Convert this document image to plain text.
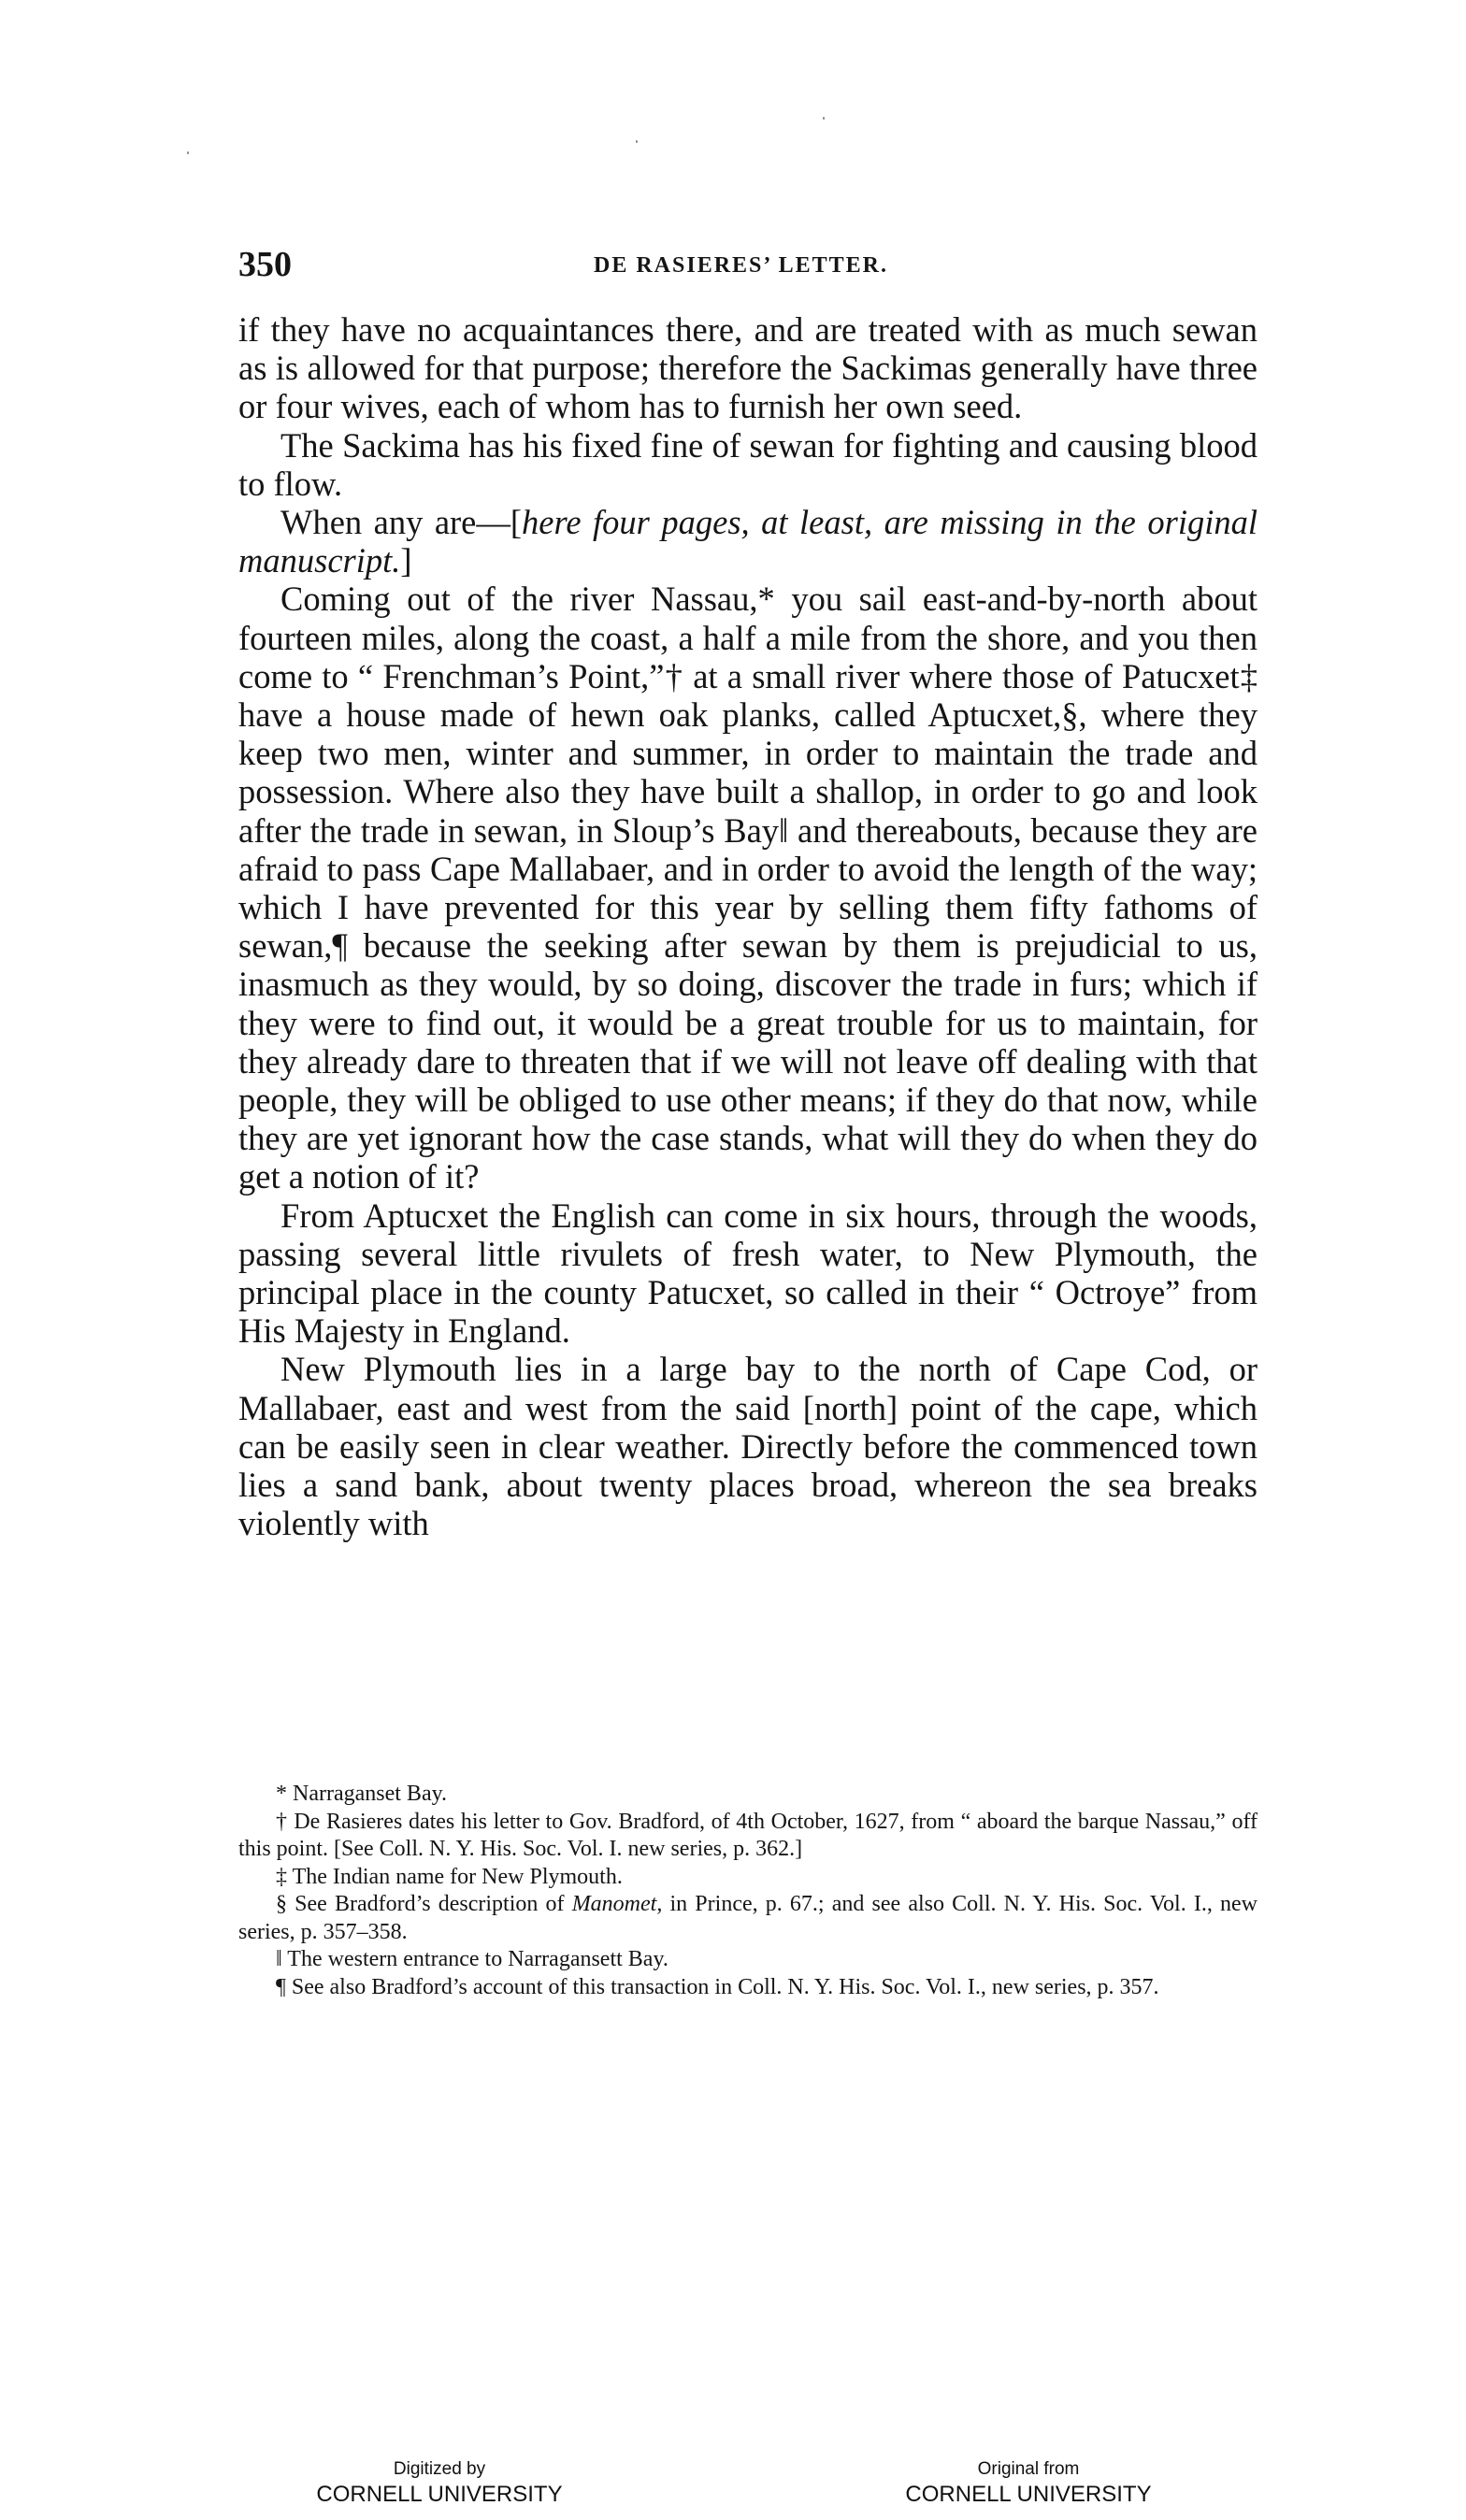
350	DE RASIERES’ LETTER.

if they have no acquaintances there, and are treated with as much sewan as is allowed for that purpose; therefore the Sackimas generally have three or four wives, each of whom has to furnish her own seed.

The Sackima has his fixed fine of sewan for fighting and causing blood to flow.

When any are—[here four pages, at least, are missing in the original manuscript.]

Coming out of the river Nassau,* you sail east-and-by-north about fourteen miles, along the coast, a half a mile from the shore, and you then come to “ Frenchman’s Point,”† at a small river where those of Patucxet‡ have a house made of hewn oak planks, called Aptucxet,§, where they keep two men, winter and summer, in order to maintain the trade and possession. Where also they have built a shallop, in order to go and look after the trade in sewan, in Sloup’s Bay‖ and thereabouts, because they are afraid to pass Cape Mallabaer, and in order to avoid the length of the way; which I have prevented for this year by selling them fifty fathoms of sewan,¶ because the seeking after sewan by them is prejudicial to us, inasmuch as they would, by so doing, discover the trade in furs; which if they were to find out, it would be a great trouble for us to maintain, for they already dare to threaten that if we will not leave off dealing with that people, they will be obliged to use other means; if they do that now, while they are yet ignorant how the case stands, what will they do when they do get a notion of it?

From Aptucxet the English can come in six hours, through the woods, passing several little rivulets of fresh water, to New Plymouth, the principal place in the county Patucxet, so called in their “ Octroye” from His Majesty in England.

New Plymouth lies in a large bay to the north of Cape Cod, or Mallabaer, east and west from the said [north] point of the cape, which can be easily seen in clear weather. Directly before the commenced town lies a sand bank, about twenty places broad, whereon the sea breaks violently with

* Narraganset Bay.

† De Rasieres dates his letter to Gov. Bradford, of 4th October, 1627, from “ aboard the barque Nassau,” off this point. [See Coll. N. Y. His. Soc. Vol. I. new series, p. 362.]

‡ The Indian name for New Plymouth.

§ See Bradford’s description of Manomet, in Prince, p. 67.; and see also Coll. N. Y. His. Soc. Vol. I., new series, p. 357–358.

‖ The western entrance to Narragansett Bay.

¶ See also Bradford’s account of this transaction in Coll. N. Y. His. Soc. Vol. I., new series, p. 357.

Digitized by
CORNELL UNIVERSITY
Original from
CORNELL UNIVERSITY
